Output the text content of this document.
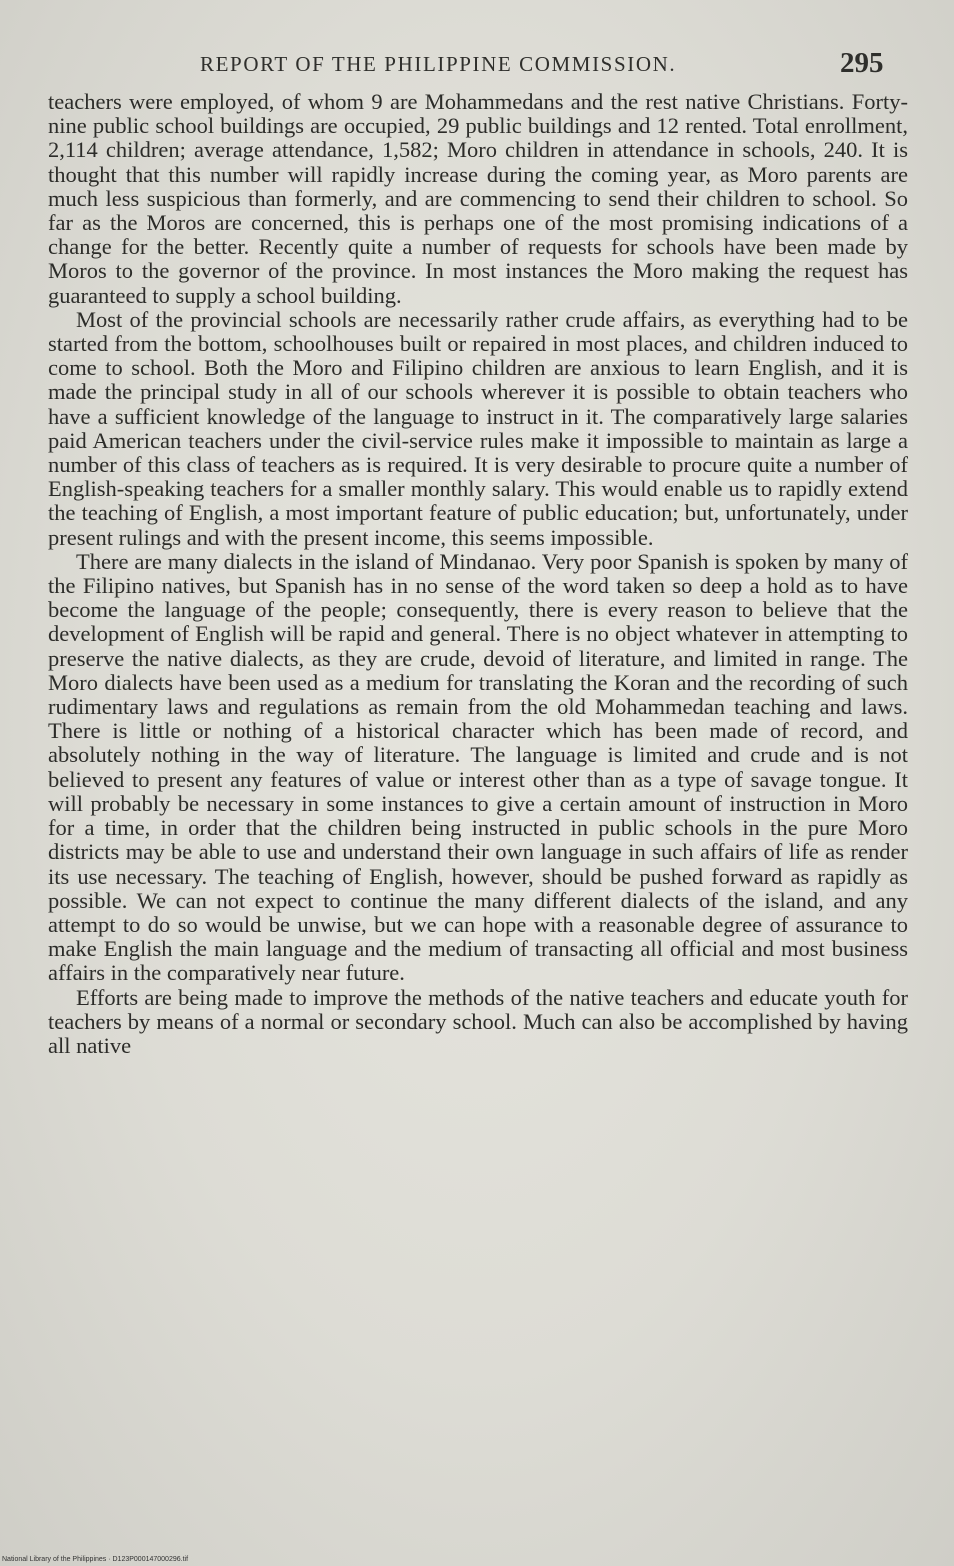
REPORT OF THE PHILIPPINE COMMISSION.	295

teachers were employed, of whom 9 are Mohammedans and the rest native Christians. Forty-nine public school buildings are occupied, 29 public buildings and 12 rented. Total enrollment, 2,114 children; average attendance, 1,582; Moro children in attendance in schools, 240. It is thought that this number will rapidly increase during the coming year, as Moro parents are much less suspicious than formerly, and are commencing to send their children to school. So far as the Moros are concerned, this is perhaps one of the most promising indications of a change for the better. Recently quite a number of requests for schools have been made by Moros to the governor of the province. In most instances the Moro making the request has guaranteed to supply a school building.

Most of the provincial schools are necessarily rather crude affairs, as everything had to be started from the bottom, schoolhouses built or repaired in most places, and children induced to come to school. Both the Moro and Filipino children are anxious to learn English, and it is made the principal study in all of our schools wherever it is possible to obtain teachers who have a sufficient knowledge of the language to instruct in it. The comparatively large salaries paid American teachers under the civil-service rules make it impossible to maintain as large a number of this class of teachers as is required. It is very desirable to procure quite a number of English-speaking teachers for a smaller monthly salary. This would enable us to rapidly extend the teaching of English, a most important feature of public education; but, unfortunately, under present rulings and with the present income, this seems impossible.

There are many dialects in the island of Mindanao. Very poor Spanish is spoken by many of the Filipino natives, but Spanish has in no sense of the word taken so deep a hold as to have become the language of the people; consequently, there is every reason to believe that the development of English will be rapid and general. There is no object whatever in attempting to preserve the native dialects, as they are crude, devoid of literature, and limited in range. The Moro dialects have been used as a medium for translating the Koran and the recording of such rudimentary laws and regulations as remain from the old Mohammedan teaching and laws. There is little or nothing of a historical character which has been made of record, and absolutely nothing in the way of literature. The language is limited and crude and is not believed to present any features of value or interest other than as a type of savage tongue. It will probably be necessary in some instances to give a certain amount of instruction in Moro for a time, in order that the children being instructed in public schools in the pure Moro districts may be able to use and understand their own language in such affairs of life as render its use necessary. The teaching of English, however, should be pushed forward as rapidly as possible. We can not expect to continue the many different dialects of the island, and any attempt to do so would be unwise, but we can hope with a reasonable degree of assurance to make English the main language and the medium of transacting all official and most business affairs in the comparatively near future.

Efforts are being made to improve the methods of the native teachers and educate youth for teachers by means of a normal or secondary school. Much can also be accomplished by having all native

National Library of the Philippines · D123P000147000296.tif
